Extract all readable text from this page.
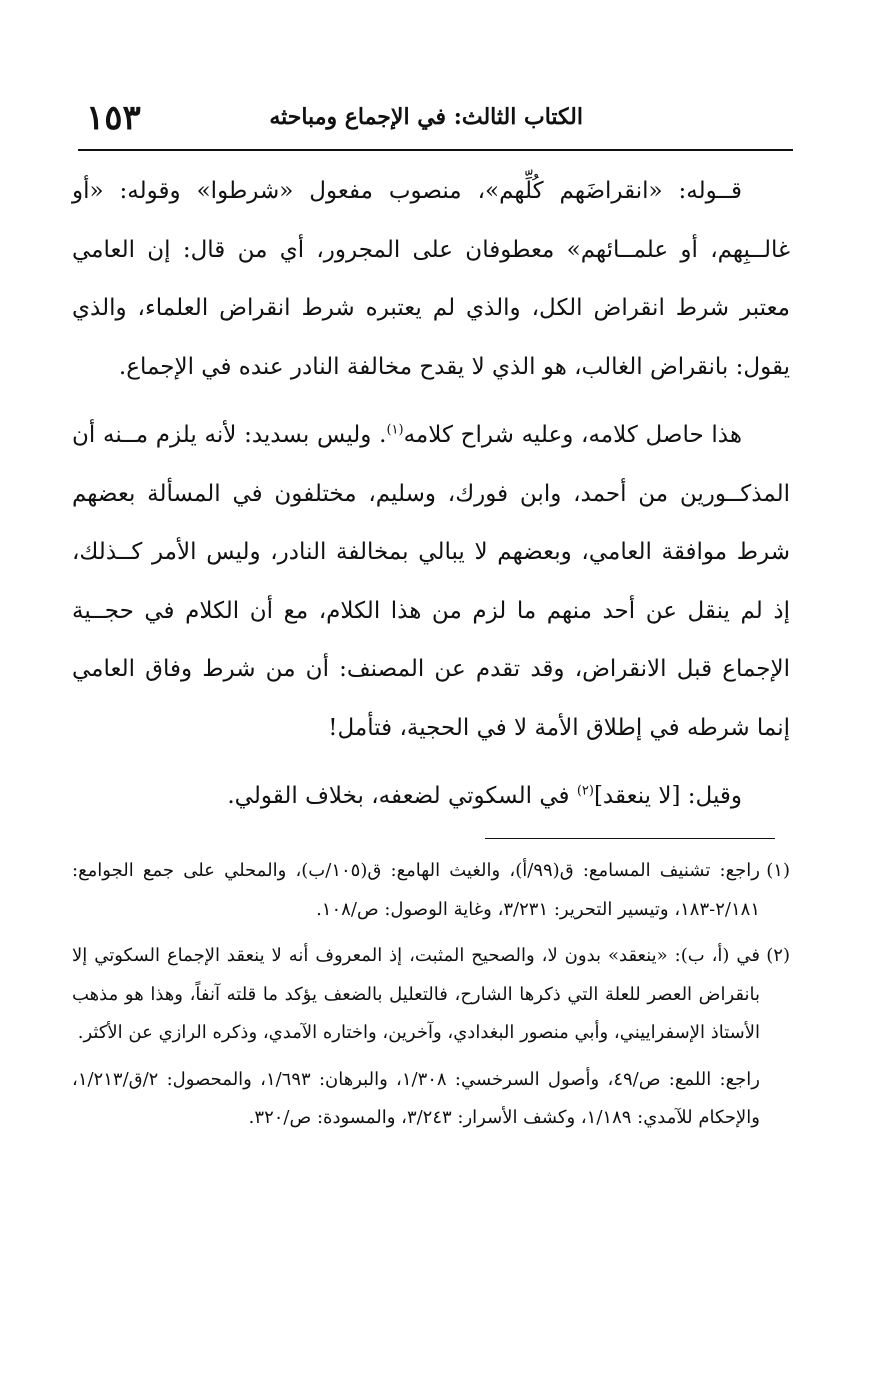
١٥٣	الكتاب الثالث: في الإجماع ومباحثه

قــوله: «انقراضَهم كُلِّهم»، منصوب مفعول «شرطوا» وقوله: «أو غالــبِهم، أو علمــائهم» معطوفان على المجرور، أي من قال: إن العامي معتبر شرط انقراض الكل، والذي لم يعتبره شرط انقراض العلماء، والذي يقول: بانقراض الغالب، هو الذي لا يقدح مخالفة النادر عنده في الإجماع.

هذا حاصل كلامه، وعليه شراح كلامه$^{(١)}$. وليس بسديد: لأنه يلزم مــنه أن المذكــورين من أحمد، وابن فورك، وسليم، مختلفون في المسألة بعضهم شرط موافقة العامي، وبعضهم لا يبالي بمخالفة النادر، وليس الأمر كــذلك، إذ لم ينقل عن أحد منهم ما لزم من هذا الكلام، مع أن الكلام في حجــية الإجماع قبل الانقراض، وقد تقدم عن المصنف: أن من شرط وفاق العامي إنما شرطه في إطلاق الأمة لا في الحجية، فتأمل!

وقيل: [لا ينعقد]$^{(٢)}$ في السكوتي لضعفه، بخلاف القولي.

(١)
راجع: تشنيف المسامع: ق(٩٩/أ)، والغيث الهامع: ق(١٠٥/ب)، والمحلي على جمع الجوامع: ٢/١٨١-١٨٣، وتيسير التحرير: ٣/٢٣١، وغاية الوصول: ص/١٠٨.
(٢)
في (أ، ب): «ينعقد» بدون لا، والصحيح المثبت، إذ المعروف أنه لا ينعقد الإجماع السكوتي إلا بانقراض العصر للعلة التي ذكرها الشارح، فالتعليل بالضعف يؤكد ما قلته آنفاً، وهذا هو مذهب الأستاذ الإسفراييني، وأبي منصور البغدادي، وآخرين، واختاره الآمدي، وذكره الرازي عن الأكثر.
راجع: اللمع: ص/٤٩، وأصول السرخسي: ١/٣٠٨، والبرهان: ١/٦٩٣، والمحصول: ٢/ق/١/٢١٣، والإحكام للآمدي: ١/١٨٩، وكشف الأسرار: ٣/٢٤٣، والمسودة: ص/٣٢٠.
